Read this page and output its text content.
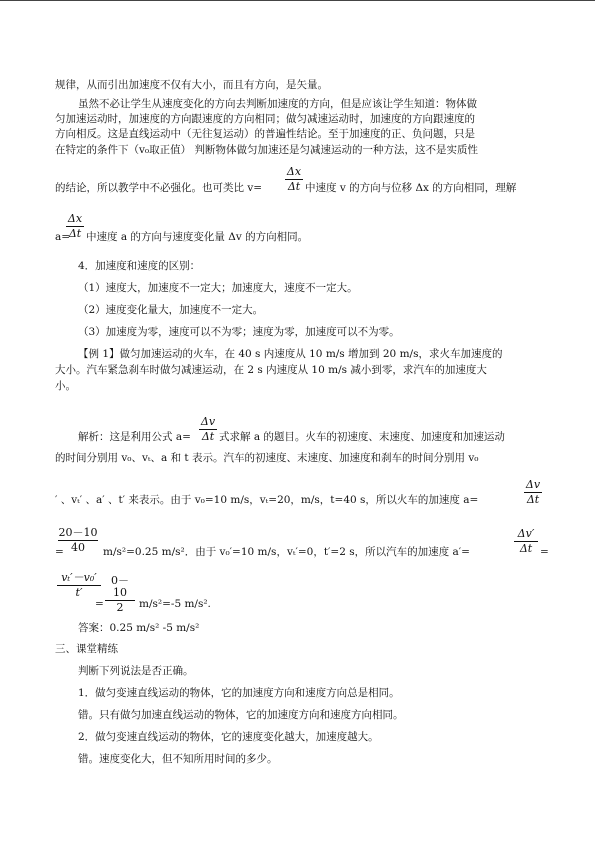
规律，从而引出加速度不仅有大小，而且有方向，是矢量。
虽然不必让学生从速度变化的方向去判断加速度的方向，但是应该让学生知道：物体做
匀加速运动时，加速度的方向跟速度的方向相同；做匀减速运动时，加速度的方向跟速度的
方向相反。这是直线运动中（无往复运动）的普遍性结论。至于加速度的正、负问题，只是
在特定的条件下（v₀取正值） 判断物体做匀加速还是匀减速运动的一种方法，这不是实质性
的结论，所以教学中不必强化。也可类比 v=
Δx
Δt 中速度 v 的方向与位移 Δx 的方向相同，理解
Δx
Δt
a= 中速度 a 的方向与速度变化量 Δv 的方向相同。
4．加速度和速度的区别：
（1）速度大，加速度不一定大；加速度大，速度不一定大。
（2）速度变化量大，加速度不一定大。
（3）加速度为零，速度可以不为零；速度为零，加速度可以不为零。
【例 1】做匀加速运动的火车，在 40 s 内速度从 10 m/s 增加到 20 m/s，求火车加速度的
大小。汽车紧急刹车时做匀减速运动，在 2 s 内速度从 10 m/s 减小到零，求汽车的加速度大
小。
解析：这是利用公式 a=
Δv
Δt 式求解 a 的题目。火车的初速度、末速度、加速度和加速运动
的时间分别用 v₀、vₜ、a 和 t 表示。汽车的初速度、末速度、加速度和刹车的时间分别用 v₀
′ 、vₜ′ 、a′ 、t′ 来表示。由于 v₀=10 m/s，vₜ=20，m/s，t=40 s，所以火车的加速度 a=
Δv
Δt
=
20－10
40	m/s²=0.25 m/s²．由于 v₀′=10 m/s，vₜ′=0，t′=2 s，所以汽车的加速度 a′=
Δv′
Δt =
vₜ′－v₀′
t′
=
0－10
2	m/s²=-5 m/s².
答案：0.25 m/s² -5 m/s²
三、课堂精练
判断下列说法是否正确。
1．做匀变速直线运动的物体，它的加速度方向和速度方向总是相同。
错。只有做匀加速直线运动的物体，它的加速度方向和速度方向相同。
2．做匀变速直线运动的物体，它的速度变化越大，加速度越大。
错。速度变化大，但不知所用时间的多少。
